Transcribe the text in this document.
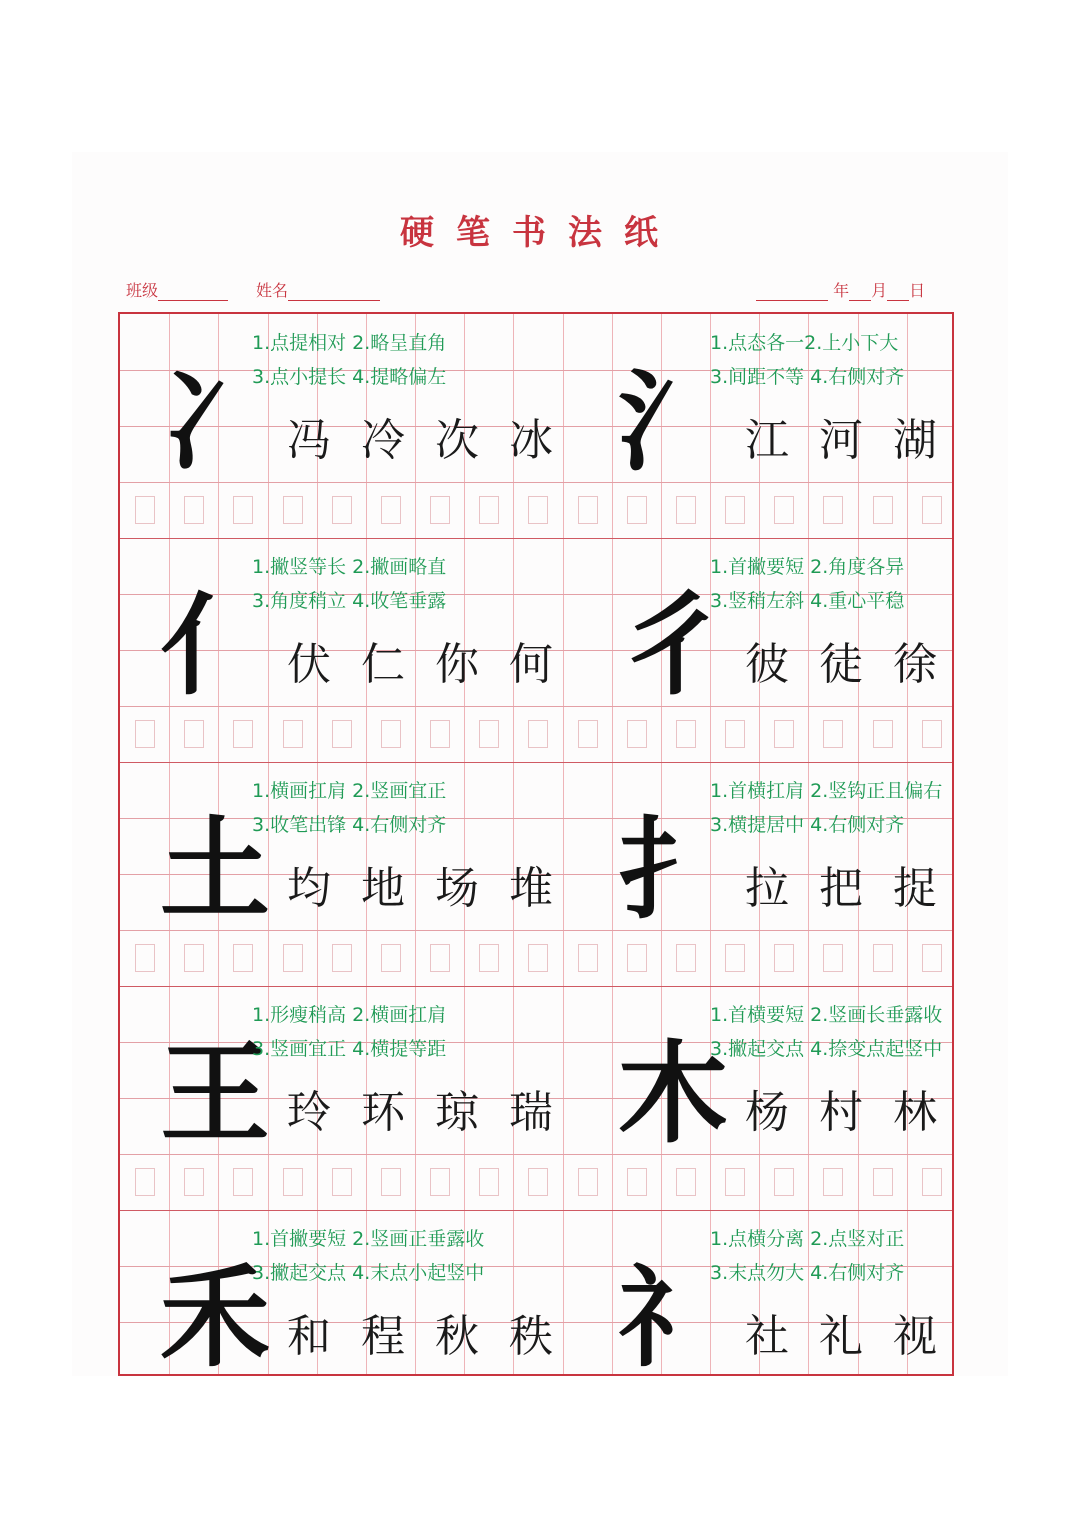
硬笔书法纸
班级	姓名	年 月 日
冫
1.点提相对 2.略呈直角
3.点小提长 4.提略偏左
冯 冷 次 冰 氵
1.点态各一2.上小下大
3.间距不等 4.右侧对齐
江 河 湖
亻
1.撇竖等长 2.撇画略直
3.角度稍立 4.收笔垂露
伏 仁 你 何 彳
1.首撇要短 2.角度各异
3.竖稍左斜 4.重心平稳
彼 徒 徐
土
1.横画扛肩 2.竖画宜正
3.收笔出锋 4.右侧对齐
均 地 场 堆 扌
1.首横扛肩 2.竖钩正且偏右
3.横提居中 4.右侧对齐
拉 把 捉
王
1.形瘦稍高 2.横画扛肩
3.竖画宜正 4.横提等距
玲 环 琼 瑞 木
1.首横要短 2.竖画长垂露收
3.撇起交点 4.捺变点起竖中
杨 村 林
禾
1.首撇要短 2.竖画正垂露收
3.撇起交点 4.末点小起竖中
和 程 秋 秩 礻
1.点横分离 2.点竖对正
3.末点勿大 4.右侧对齐
社 礼 视
